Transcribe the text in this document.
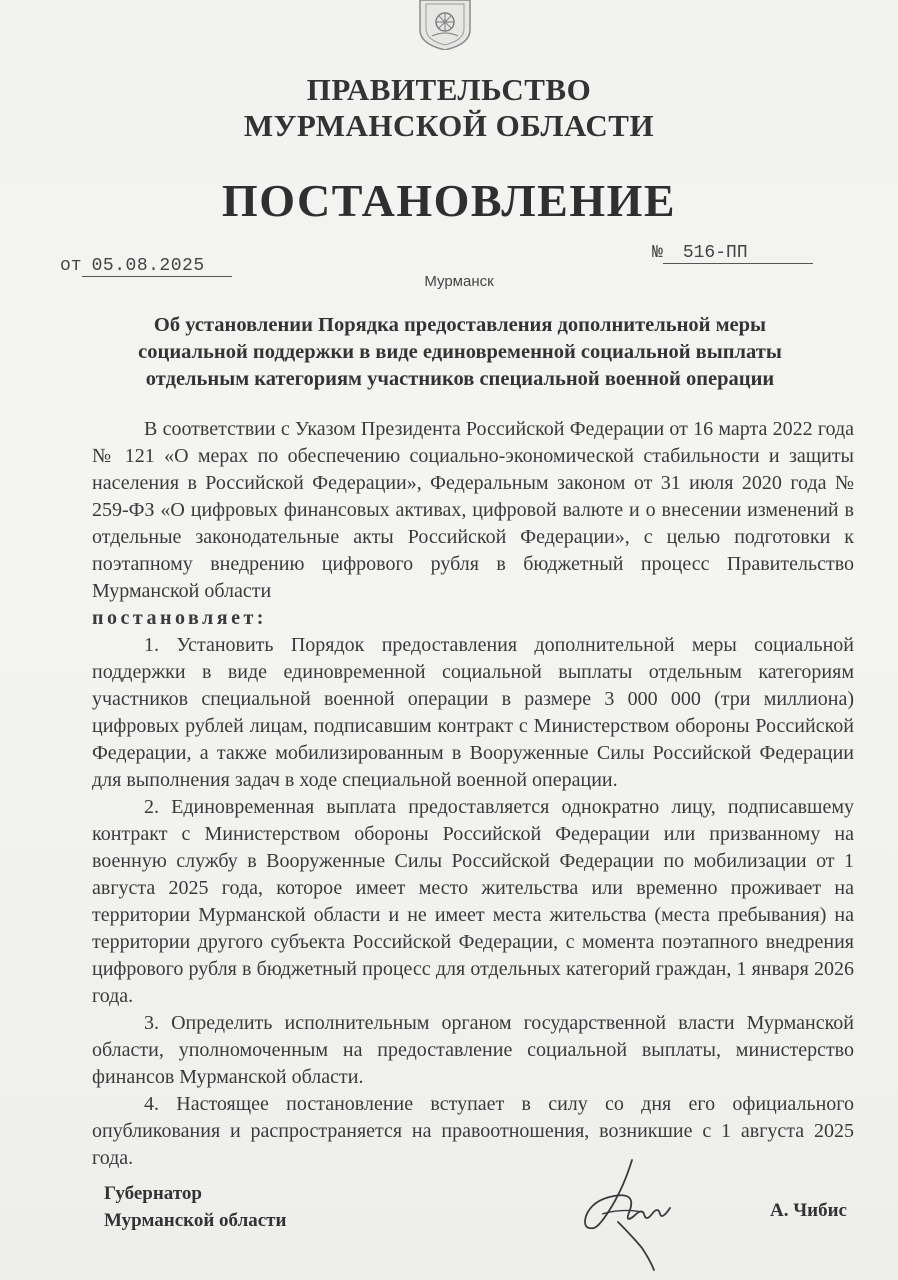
ПРАВИТЕЛЬСТВО
МУРМАНСКОЙ ОБЛАСТИ
ПОСТАНОВЛЕНИЕ
от 05.08.2025
№ 516-ПП
Мурманск
Об установлении Порядка предоставления дополнительной меры социальной поддержки в виде единовременной социальной выплаты отдельным категориям участников специальной военной операции

В соответствии с Указом Президента Российской Федерации от 16 марта 2022 года № 121 «О мерах по обеспечению социально-экономической стабильности и защиты населения в Российской Федерации», Федеральным законом от 31 июля 2020 года № 259-ФЗ «О цифровых финансовых активах, цифровой валюте и о внесении изменений в отдельные законодательные акты Российской Федерации», с целью подготовки к поэтапному внедрению цифрового рубля в бюджетный процесс Правительство Мурманской области

постановляет:

1. Установить Порядок предоставления дополнительной меры социальной поддержки в виде единовременной социальной выплаты отдельным категориям участников специальной военной операции в размере 3 000 000 (три миллиона) цифровых рублей лицам, подписавшим контракт с Министерством обороны Российской Федерации, а также мобилизированным в Вооруженные Силы Российской Федерации для выполнения задач в ходе специальной военной операции.

2. Единовременная выплата предоставляется однократно лицу, подписавшему контракт с Министерством обороны Российской Федерации или призванному на военную службу в Вооруженные Силы Российской Федерации по мобилизации от 1 августа 2025 года, которое имеет место жительства или временно проживает на территории Мурманской области и не имеет места жительства (места пребывания) на территории другого субъекта Российской Федерации, с момента поэтапного внедрения цифрового рубля в бюджетный процесс для отдельных категорий граждан, 1 января 2026 года.

3. Определить исполнительным органом государственной власти Мурманской области, уполномоченным на предоставление социальной выплаты, министерство финансов Мурманской области.

4. Настоящее постановление вступает в силу со дня его официального опубликования и распространяется на правоотношения, возникшие с 1 августа 2025 года.

Губернатор
Мурманской области	А. Чибис
